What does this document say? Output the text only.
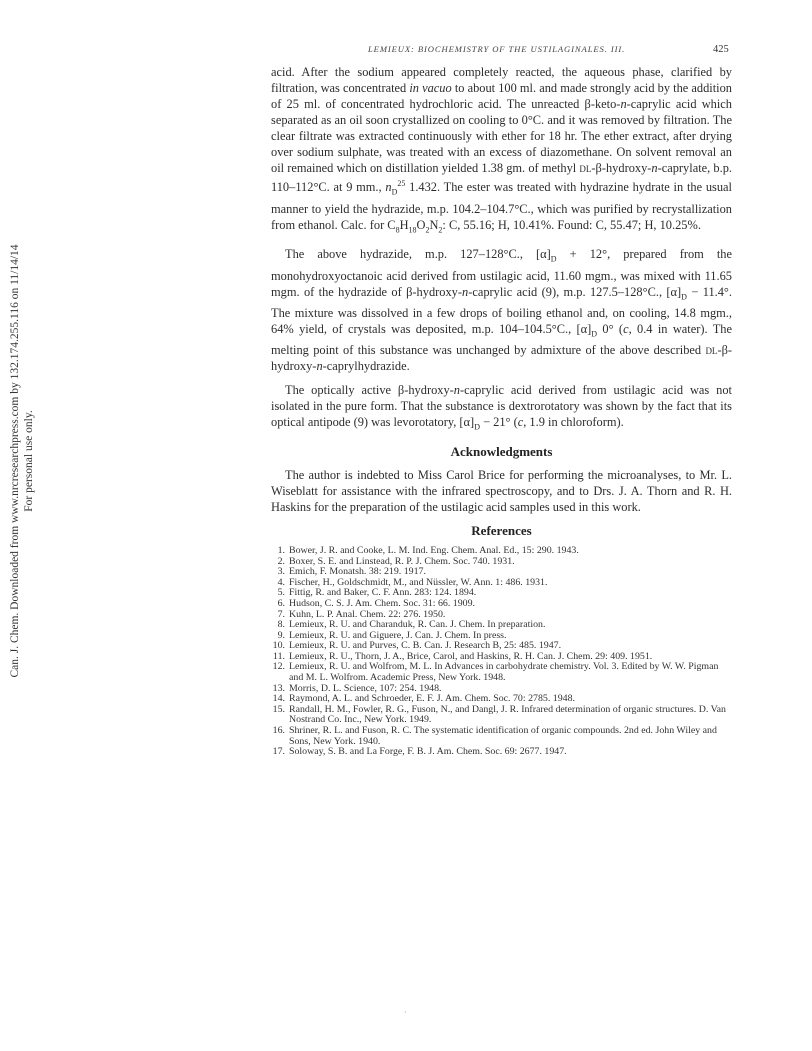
Can. J. Chem. Downloaded from www.nrcresearchpress.com by 132.174.255.116 on 11/14/14 For personal use only.
LEMIEUX: BIOCHEMISTRY OF THE USTILAGINALES. III.	425

acid. After the sodium appeared completely reacted, the aqueous phase, clarified by filtration, was concentrated in vacuo to about 100 ml. and made strongly acid by the addition of 25 ml. of concentrated hydrochloric acid. The unreacted β-keto-n-caprylic acid which separated as an oil soon crystallized on cooling to 0°C. and it was removed by filtration. The clear filtrate was extracted continuously with ether for 18 hr. The ether extract, after drying over sodium sulphate, was treated with an excess of diazomethane. On solvent removal an oil remained which on distillation yielded 1.38 gm. of methyl dl-β-hydroxy-n-caprylate, b.p. 110–112°C. at 9 mm., $n_D^{25}$ 1.432. The ester was treated with hydrazine hydrate in the usual manner to yield the hydrazide, m.p. 104.2–104.7°C., which was purified by recrystallization from ethanol. Calc. for $C_8H_{18}O_2N_2$: C, 55.16; H, 10.41%. Found: C, 55.47; H, 10.25%.

The above hydrazide, m.p. 127–128°C., $[\alpha]_D + 12^\circ$, prepared from the monohydroxyoctanoic acid derived from ustilagic acid, 11.60 mgm., was mixed with 11.65 mgm. of the hydrazide of β-hydroxy-n-caprylic acid (9), m.p. 127.5–128°C., $[\alpha]_D - 11.4^\circ$. The mixture was dissolved in a few drops of boiling ethanol and, on cooling, 14.8 mgm., 64% yield, of crystals was deposited, m.p. 104–104.5°C., $[\alpha]_D$ 0° (c, 0.4 in water). The melting point of this substance was unchanged by admixture of the above described dl-β-hydroxy-n-caprylhydrazide.

The optically active β-hydroxy-n-caprylic acid derived from ustilagic acid was not isolated in the pure form. That the substance is dextrorotatory was shown by the fact that its optical antipode (9) was levorotatory, $[\alpha]_D - 21^\circ$ (c, 1.9 in chloroform).

Acknowledgments

The author is indebted to Miss Carol Brice for performing the microanalyses, to Mr. L. Wiseblatt for assistance with the infrared spectroscopy, and to Drs. J. A. Thorn and R. H. Haskins for the preparation of the ustilagic acid samples used in this work.

References
1. Bower, J. R. and Cooke, L. M. Ind. Eng. Chem. Anal. Ed., 15: 290. 1943.
2. Boxer, S. E. and Linstead, R. P. J. Chem. Soc. 740. 1931.
3. Emich, F. Monatsh. 38: 219. 1917.
4. Fischer, H., Goldschmidt, M., and Nüssler, W. Ann. 1: 486. 1931.
5. Fittig, R. and Baker, C. F. Ann. 283: 124. 1894.
6. Hudson, C. S. J. Am. Chem. Soc. 31: 66. 1909.
7. Kuhn, L. P. Anal. Chem. 22: 276. 1950.
8. Lemieux, R. U. and Charanduk, R. Can. J. Chem. In preparation.
9. Lemieux, R. U. and Giguere, J. Can. J. Chem. In press.
10. Lemieux, R. U. and Purves, C. B. Can. J. Research B, 25: 485. 1947.
11. Lemieux, R. U., Thorn, J. A., Brice, Carol, and Haskins, R. H. Can. J. Chem. 29: 409. 1951.
12. Lemieux, R. U. and Wolfrom, M. L. In Advances in carbohydrate chemistry. Vol. 3. Edited by W. W. Pigman and M. L. Wolfrom. Academic Press, New York. 1948.
13. Morris, D. L. Science, 107: 254. 1948.
14. Raymond, A. L. and Schroeder, E. F. J. Am. Chem. Soc. 70: 2785. 1948.
15. Randall, H. M., Fowler, R. G., Fuson, N., and Dangl, J. R. Infrared determination of organic structures. D. Van Nostrand Co. Inc., New York. 1949.
16. Shriner, R. L. and Fuson, R. C. The systematic identification of organic compounds. 2nd ed. John Wiley and Sons, New York. 1940.
17. Soloway, S. B. and La Forge, F. B. J. Am. Chem. Soc. 69: 2677. 1947.
·
